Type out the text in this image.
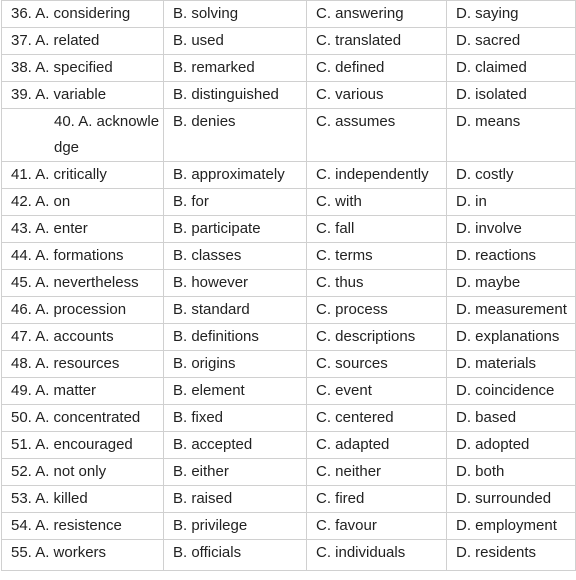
36. A. considering	B. solving	C. answering	D. saying
37. A. related	B. used	C. translated	D. sacred
38. A. specified	B. remarked	C. defined	D. claimed
39. A. variable	B. distinguished	C. various	D. isolated
40. A. acknowledge	B. denies	C. assumes	D. means
41. A. critically	B. approximately	C. independently	D. costly
42. A. on	B. for	C. with	D. in
43. A. enter	B. participate	C. fall	D. involve
44. A. formations	B. classes	C. terms	D. reactions
45. A. nevertheless	B. however	C. thus	D. maybe
46. A. procession	B. standard	C. process	D. measurement
47. A. accounts	B. definitions	C. descriptions	D. explanations
48. A. resources	B. origins	C. sources	D. materials
49. A. matter	B. element	C. event	D. coincidence
50. A. concentrated	B. fixed	C. centered	D. based
51. A. encouraged	B. accepted	C. adapted	D. adopted
52. A. not only	B. either	C. neither	D. both
53. A. killed	B. raised	C. fired	D. surrounded
54. A. resistence	B. privilege	C. favour	D. employment
55. A. workers	B. officials	C. individuals	D. residents
